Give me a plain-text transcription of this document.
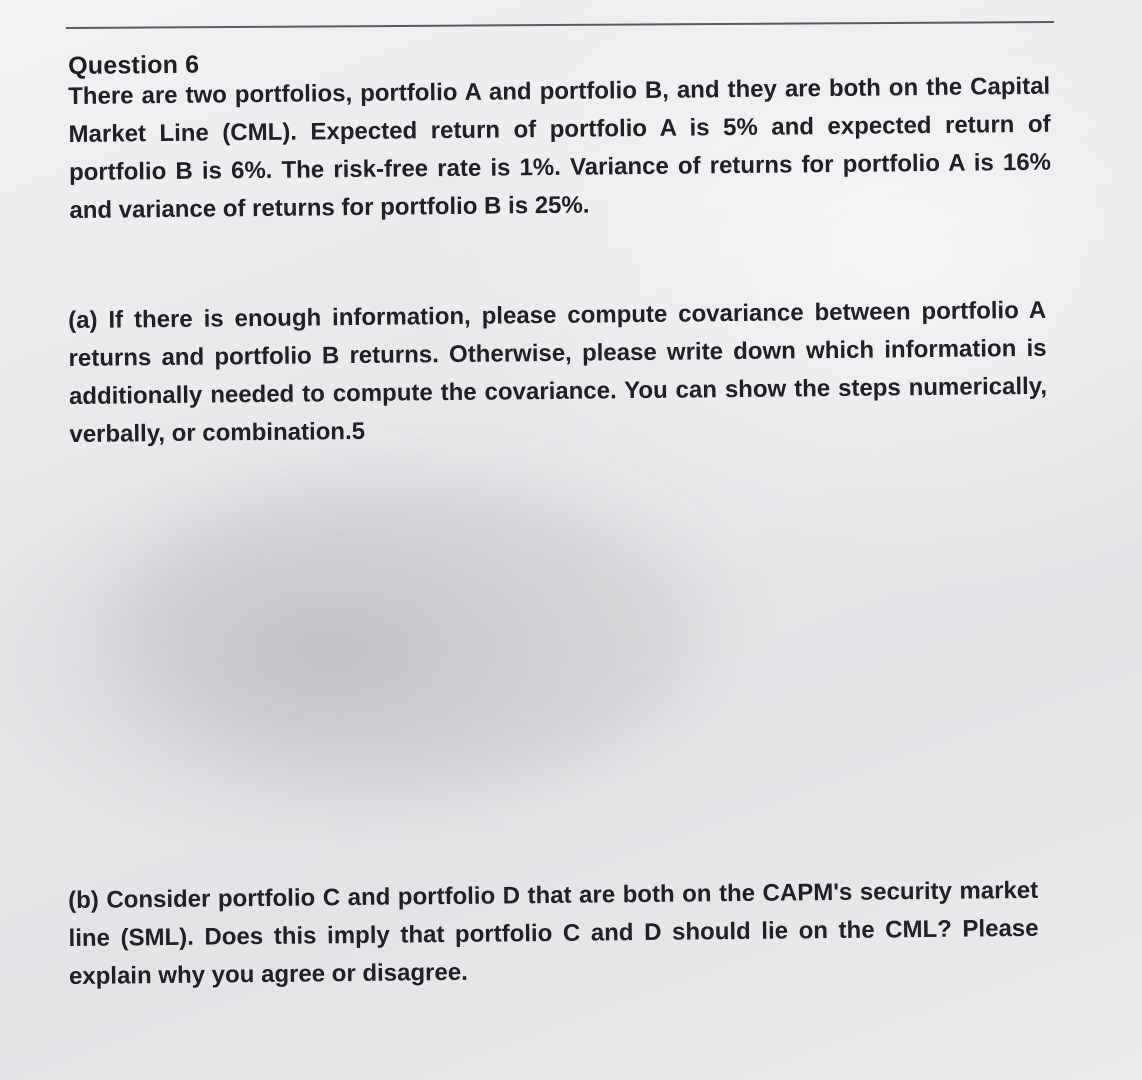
Question 6
There are two portfolios, portfolio A and portfolio B, and they are both on the Capital Market Line (CML). Expected return of portfolio A is 5% and expected return of portfolio B is 6%. The risk-free rate is 1%. Variance of returns for portfolio A is 16% and variance of returns for portfolio B is 25%.
(a) If there is enough information, please compute covariance between portfolio A returns and portfolio B returns. Otherwise, please write down which information is additionally needed to compute the covariance. You can show the steps numerically, verbally, or combination.5
(b) Consider portfolio C and portfolio D that are both on the CAPM's security market line (SML). Does this imply that portfolio C and D should lie on the CML? Please explain why you agree or disagree.
